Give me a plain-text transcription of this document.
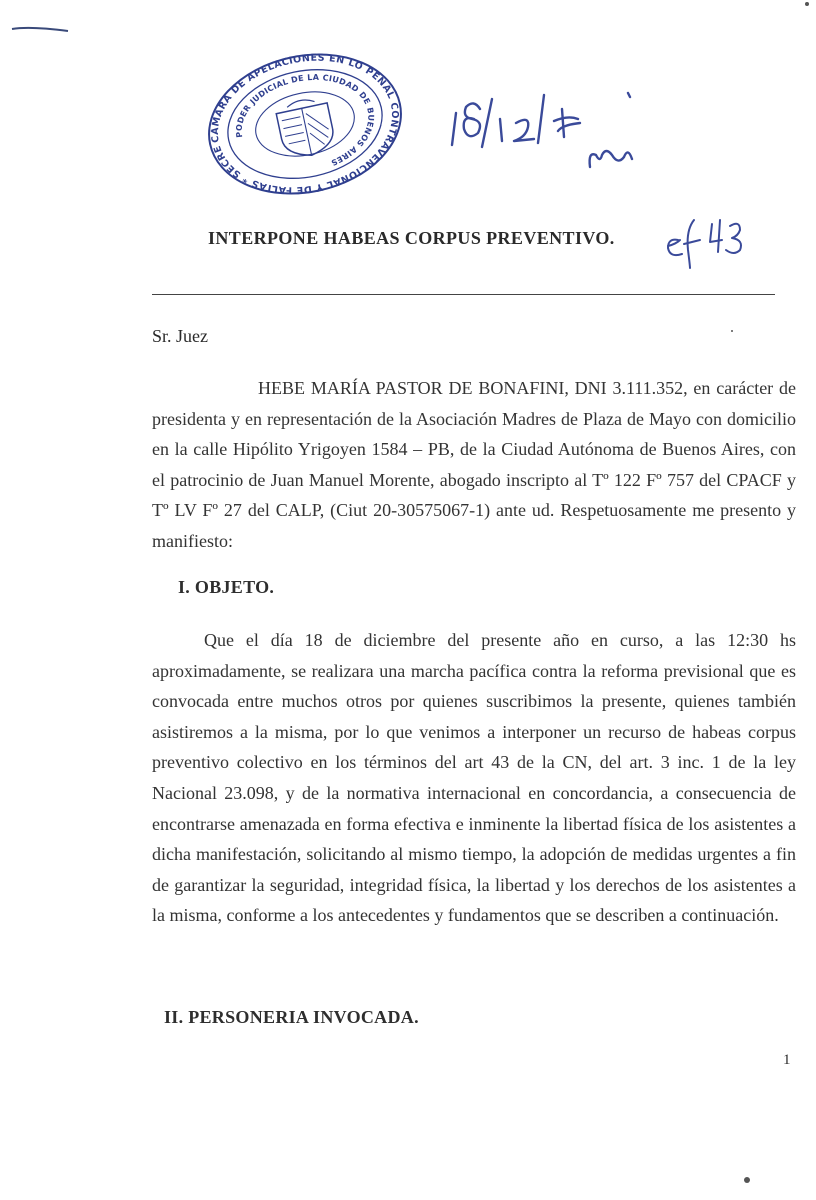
CÁMARA DE APELACIONES EN LO PENAL CONTRAVENCIONAL Y DE FALTAS * SECRETARÍA
PODER JUDICIAL DE LA CIUDAD DE BUENOS AIRES

INTERPONE HABEAS CORPUS PREVENTIVO.

Sr. Juez

HEBE MARÍA PASTOR DE BONAFINI, DNI 3.111.352, en carácter de presidenta y en representación de la Asociación Madres de Plaza de Mayo con domicilio en la calle Hipólito Yrigoyen 1584 – PB, de la Ciudad Autónoma de Buenos Aires, con el patrocinio de Juan Manuel Morente, abogado inscripto al Tº 122 Fº 757 del CPACF y Tº LV Fº 27 del CALP, (Ciut 20-30575067-1) ante ud. Respetuosamente me presento y manifiesto:

I. OBJETO.

Que el día 18 de diciembre del presente año en curso, a las 12:30 hs aproximadamente, se realizara una marcha pacífica contra la reforma previsional que es convocada entre muchos otros por quienes suscribimos la presente, quienes también asistiremos a la misma, por lo que venimos a interponer un recurso de habeas corpus preventivo colectivo en los términos del art 43 de la CN, del art. 3 inc. 1 de la ley Nacional 23.098, y de la normativa internacional en concordancia, a consecuencia de encontrarse amenazada en forma efectiva e inminente la libertad física de los asistentes a dicha manifestación, solicitando al mismo tiempo, la adopción de medidas urgentes a fin de garantizar la seguridad, integridad física, la libertad y los derechos de los asistentes a la misma, conforme a los antecedentes y fundamentos que se describen a continuación.

II. PERSONERIA INVOCADA.

1
